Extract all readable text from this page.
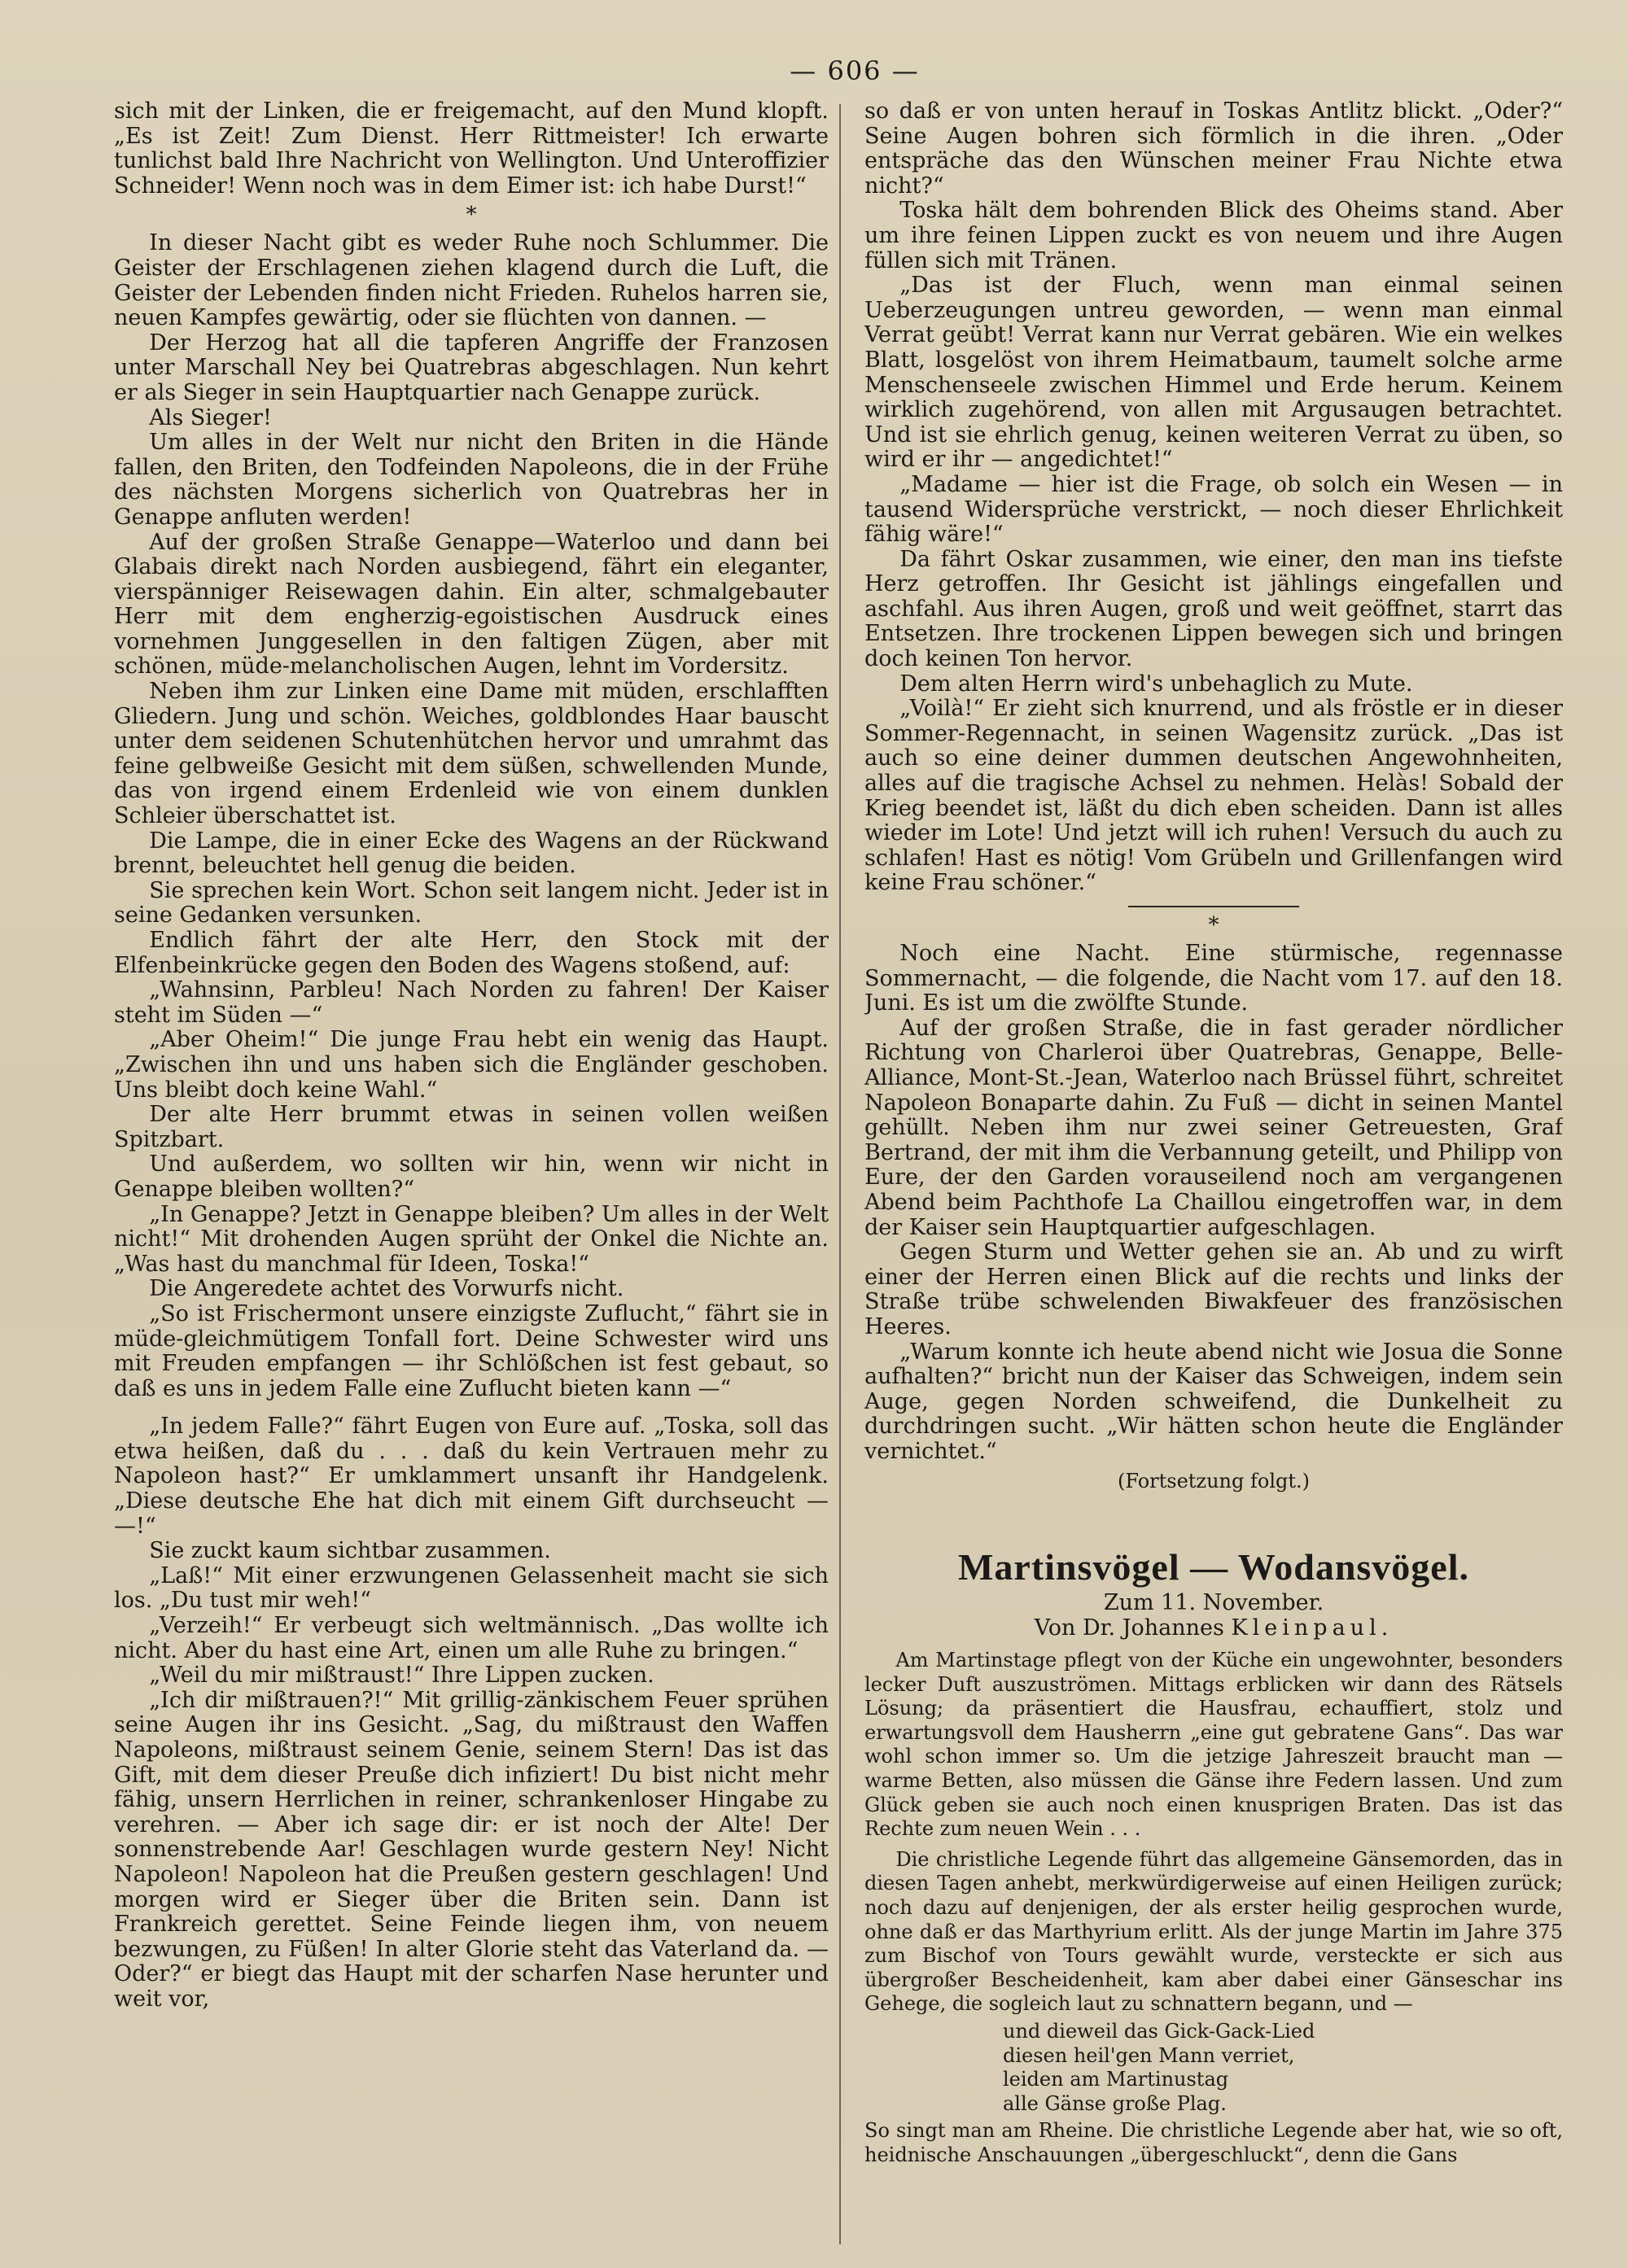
— 606 —

sich mit der Linken, die er freigemacht, auf den Mund klopft. „Es ist Zeit! Zum Dienst. Herr Rittmeister! Ich erwarte tunlichst bald Ihre Nachricht von Wellington. Und Unteroffizier Schneider! Wenn noch was in dem Eimer ist: ich habe Durst!“

*

In dieser Nacht gibt es weder Ruhe noch Schlummer. Die Geister der Erschlagenen ziehen klagend durch die Luft, die Geister der Lebenden finden nicht Frieden. Ruhelos harren sie, neuen Kampfes gewärtig, oder sie flüchten von dannen. —

Der Herzog hat all die tapferen Angriffe der Franzosen unter Marschall Ney bei Quatrebras abgeschlagen. Nun kehrt er als Sieger in sein Hauptquartier nach Genappe zurück.

Als Sieger!

Um alles in der Welt nur nicht den Briten in die Hände fallen, den Briten, den Todfeinden Napoleons, die in der Frühe des nächsten Morgens sicherlich von Quatrebras her in Genappe anfluten werden!

Auf der großen Straße Genappe—Waterloo und dann bei Glabais direkt nach Norden ausbiegend, fährt ein eleganter, vierspänniger Reisewagen dahin. Ein alter, schmalgebauter Herr mit dem engherzig-egoistischen Ausdruck eines vornehmen Junggesellen in den faltigen Zügen, aber mit schönen, müde-melancholischen Augen, lehnt im Vordersitz.

Neben ihm zur Linken eine Dame mit müden, erschlafften Gliedern. Jung und schön. Weiches, goldblondes Haar bauscht unter dem seidenen Schutenhütchen hervor und umrahmt das feine gelbweiße Gesicht mit dem süßen, schwellenden Munde, das von irgend einem Erdenleid wie von einem dunklen Schleier überschattet ist.

Die Lampe, die in einer Ecke des Wagens an der Rückwand brennt, beleuchtet hell genug die beiden.

Sie sprechen kein Wort. Schon seit langem nicht. Jeder ist in seine Gedanken versunken.

Endlich fährt der alte Herr, den Stock mit der Elfenbeinkrücke gegen den Boden des Wagens stoßend, auf:

„Wahnsinn, Parbleu! Nach Norden zu fahren! Der Kaiser steht im Süden —“

„Aber Oheim!“ Die junge Frau hebt ein wenig das Haupt. „Zwischen ihn und uns haben sich die Engländer geschoben. Uns bleibt doch keine Wahl.“

Der alte Herr brummt etwas in seinen vollen weißen Spitzbart.

Und außerdem, wo sollten wir hin, wenn wir nicht in Genappe bleiben wollten?“

„In Genappe? Jetzt in Genappe bleiben? Um alles in der Welt nicht!“ Mit drohenden Augen sprüht der Onkel die Nichte an. „Was hast du manchmal für Ideen, Toska!“

Die Angeredete achtet des Vorwurfs nicht.

„So ist Frischermont unsere einzigste Zuflucht,“ fährt sie in müde-gleichmütigem Tonfall fort. Deine Schwester wird uns mit Freuden empfangen — ihr Schlößchen ist fest gebaut, so daß es uns in jedem Falle eine Zuflucht bieten kann —“

„In jedem Falle?“ fährt Eugen von Eure auf. „Toska, soll das etwa heißen, daß du . . . daß du kein Vertrauen mehr zu Napoleon hast?“ Er umklammert unsanft ihr Handgelenk. „Diese deutsche Ehe hat dich mit einem Gift durchseucht — —!“

Sie zuckt kaum sichtbar zusammen.

„Laß!“ Mit einer erzwungenen Gelassenheit macht sie sich los. „Du tust mir weh!“

„Verzeih!“ Er verbeugt sich weltmännisch. „Das wollte ich nicht. Aber du hast eine Art, einen um alle Ruhe zu bringen.“

„Weil du mir mißtraust!“ Ihre Lippen zucken.

„Ich dir mißtrauen?!“ Mit grillig-zänkischem Feuer sprühen seine Augen ihr ins Gesicht. „Sag, du mißtraust den Waffen Napoleons, mißtraust seinem Genie, seinem Stern! Das ist das Gift, mit dem dieser Preuße dich infiziert! Du bist nicht mehr fähig, unsern Herrlichen in reiner, schrankenloser Hingabe zu verehren. — Aber ich sage dir: er ist noch der Alte! Der sonnenstrebende Aar! Geschlagen wurde gestern Ney! Nicht Napoleon! Napoleon hat die Preußen gestern geschlagen! Und morgen wird er Sieger über die Briten sein. Dann ist Frankreich gerettet. Seine Feinde liegen ihm, von neuem bezwungen, zu Füßen! In alter Glorie steht das Vaterland da. — Oder?“ er biegt das Haupt mit der scharfen Nase herunter und weit vor,

so daß er von unten herauf in Toskas Antlitz blickt. „Oder?“ Seine Augen bohren sich förmlich in die ihren. „Oder entspräche das den Wünschen meiner Frau Nichte etwa nicht?“

Toska hält dem bohrenden Blick des Oheims stand. Aber um ihre feinen Lippen zuckt es von neuem und ihre Augen füllen sich mit Tränen.

„Das ist der Fluch, wenn man einmal seinen Ueberzeugungen untreu geworden, — wenn man einmal Verrat geübt! Verrat kann nur Verrat gebären. Wie ein welkes Blatt, losgelöst von ihrem Heimatbaum, taumelt solche arme Menschenseele zwischen Himmel und Erde herum. Keinem wirklich zugehörend, von allen mit Argusaugen betrachtet. Und ist sie ehrlich genug, keinen weiteren Verrat zu üben, so wird er ihr — angedichtet!“

„Madame — hier ist die Frage, ob solch ein Wesen — in tausend Widersprüche verstrickt, — noch dieser Ehrlichkeit fähig wäre!“

Da fährt Oskar zusammen, wie einer, den man ins tiefste Herz getroffen. Ihr Gesicht ist jählings eingefallen und aschfahl. Aus ihren Augen, groß und weit geöffnet, starrt das Entsetzen. Ihre trockenen Lippen bewegen sich und bringen doch keinen Ton hervor.

Dem alten Herrn wird's unbehaglich zu Mute.

„Voilà!“ Er zieht sich knurrend, und als fröstle er in dieser Sommer-Regennacht, in seinen Wagensitz zurück. „Das ist auch so eine deiner dummen deutschen Angewohnheiten, alles auf die tragische Achsel zu nehmen. Helàs! Sobald der Krieg beendet ist, läßt du dich eben scheiden. Dann ist alles wieder im Lote! Und jetzt will ich ruhen! Versuch du auch zu schlafen! Hast es nötig! Vom Grübeln und Grillenfangen wird keine Frau schöner.“

*

Noch eine Nacht. Eine stürmische, regennasse Sommernacht, — die folgende, die Nacht vom 17. auf den 18. Juni. Es ist um die zwölfte Stunde.

Auf der großen Straße, die in fast gerader nördlicher Richtung von Charleroi über Quatrebras, Genappe, Belle-Alliance, Mont-St.-Jean, Waterloo nach Brüssel führt, schreitet Napoleon Bonaparte dahin. Zu Fuß — dicht in seinen Mantel gehüllt. Neben ihm nur zwei seiner Getreuesten, Graf Bertrand, der mit ihm die Verbannung geteilt, und Philipp von Eure, der den Garden vorauseilend noch am vergangenen Abend beim Pachthofe La Chaillou eingetroffen war, in dem der Kaiser sein Hauptquartier aufgeschlagen.

Gegen Sturm und Wetter gehen sie an. Ab und zu wirft einer der Herren einen Blick auf die rechts und links der Straße trübe schwelenden Biwakfeuer des französischen Heeres.

„Warum konnte ich heute abend nicht wie Josua die Sonne aufhalten?“ bricht nun der Kaiser das Schweigen, indem sein Auge, gegen Norden schweifend, die Dunkelheit zu durchdringen sucht. „Wir hätten schon heute die Engländer vernichtet.“

(Fortsetzung folgt.)
Martinsvögel — Wodansvögel.
Zum 11. November.
Von Dr. Johannes Kleinpaul.

Am Martinstage pflegt von der Küche ein ungewohnter, besonders lecker Duft auszuströmen. Mittags erblicken wir dann des Rätsels Lösung; da präsentiert die Hausfrau, echauffiert, stolz und erwartungsvoll dem Hausherrn „eine gut gebratene Gans“. Das war wohl schon immer so. Um die jetzige Jahreszeit braucht man — warme Betten, also müssen die Gänse ihre Federn lassen. Und zum Glück geben sie auch noch einen knusprigen Braten. Das ist das Rechte zum neuen Wein . . .

Die christliche Legende führt das allgemeine Gänsemorden, das in diesen Tagen anhebt, merkwürdigerweise auf einen Heiligen zurück; noch dazu auf denjenigen, der als erster heilig gesprochen wurde, ohne daß er das Marthyrium erlitt. Als der junge Martin im Jahre 375 zum Bischof von Tours gewählt wurde, versteckte er sich aus übergroßer Bescheidenheit, kam aber dabei einer Gänseschar ins Gehege, die sogleich laut zu schnattern begann, und —

und dieweil das Gick-Gack-Lied
diesen heil'gen Mann verriet,
leiden am Martinustag
alle Gänse große Plag.

So singt man am Rheine. Die christliche Legende aber hat, wie so oft, heidnische Anschauungen „übergeschluckt“, denn die Gans
